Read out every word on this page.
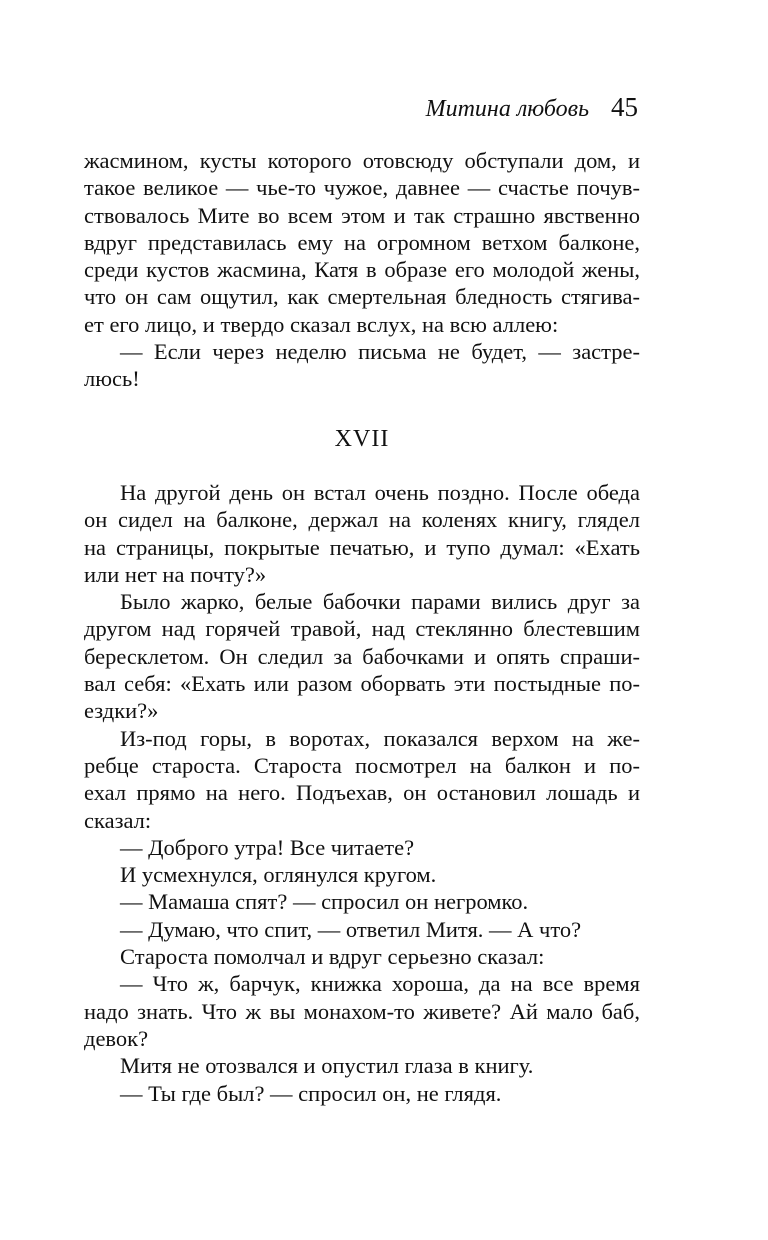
Митина любовь 45
жасмином, кусты которого отовсюду обступали дом, и
такое великое — чье-то чужое, давнее — счастье почув-
ствовалось Мите во всем этом и так страшно явственно
вдруг представилась ему на огромном ветхом балконе,
среди кустов жасмина, Катя в образе его молодой жены,
что он сам ощутил, как смертельная бледность стягива-
ет его лицо, и твердо сказал вслух, на всю аллею:
— Если через неделю письма не будет, — застре-
люсь!
XVII
На другой день он встал очень поздно. После обеда
он сидел на балконе, держал на коленях книгу, глядел
на страницы, покрытые печатью, и тупо думал: «Ехать
или нет на почту?»
Было жарко, белые бабочки парами вились друг за
другом над горячей травой, над стеклянно блестевшим
бересклетом. Он следил за бабочками и опять спраши-
вал себя: «Ехать или разом оборвать эти постыдные по-
ездки?»
Из-под горы, в воротах, показался верхом на же-
ребце староста. Староста посмотрел на балкон и по-
ехал прямо на него. Подъехав, он остановил лошадь и
сказал:
— Доброго утра! Все читаете?
И усмехнулся, оглянулся кругом.
— Мамаша спят? — спросил он негромко.
— Думаю, что спит, — ответил Митя. — А что?
Староста помолчал и вдруг серьезно сказал:
— Что ж, барчук, книжка хороша, да на все время
надо знать. Что ж вы монахом-то живете? Ай мало баб,
девок?
Митя не отозвался и опустил глаза в книгу.
— Ты где был? — спросил он, не глядя.
